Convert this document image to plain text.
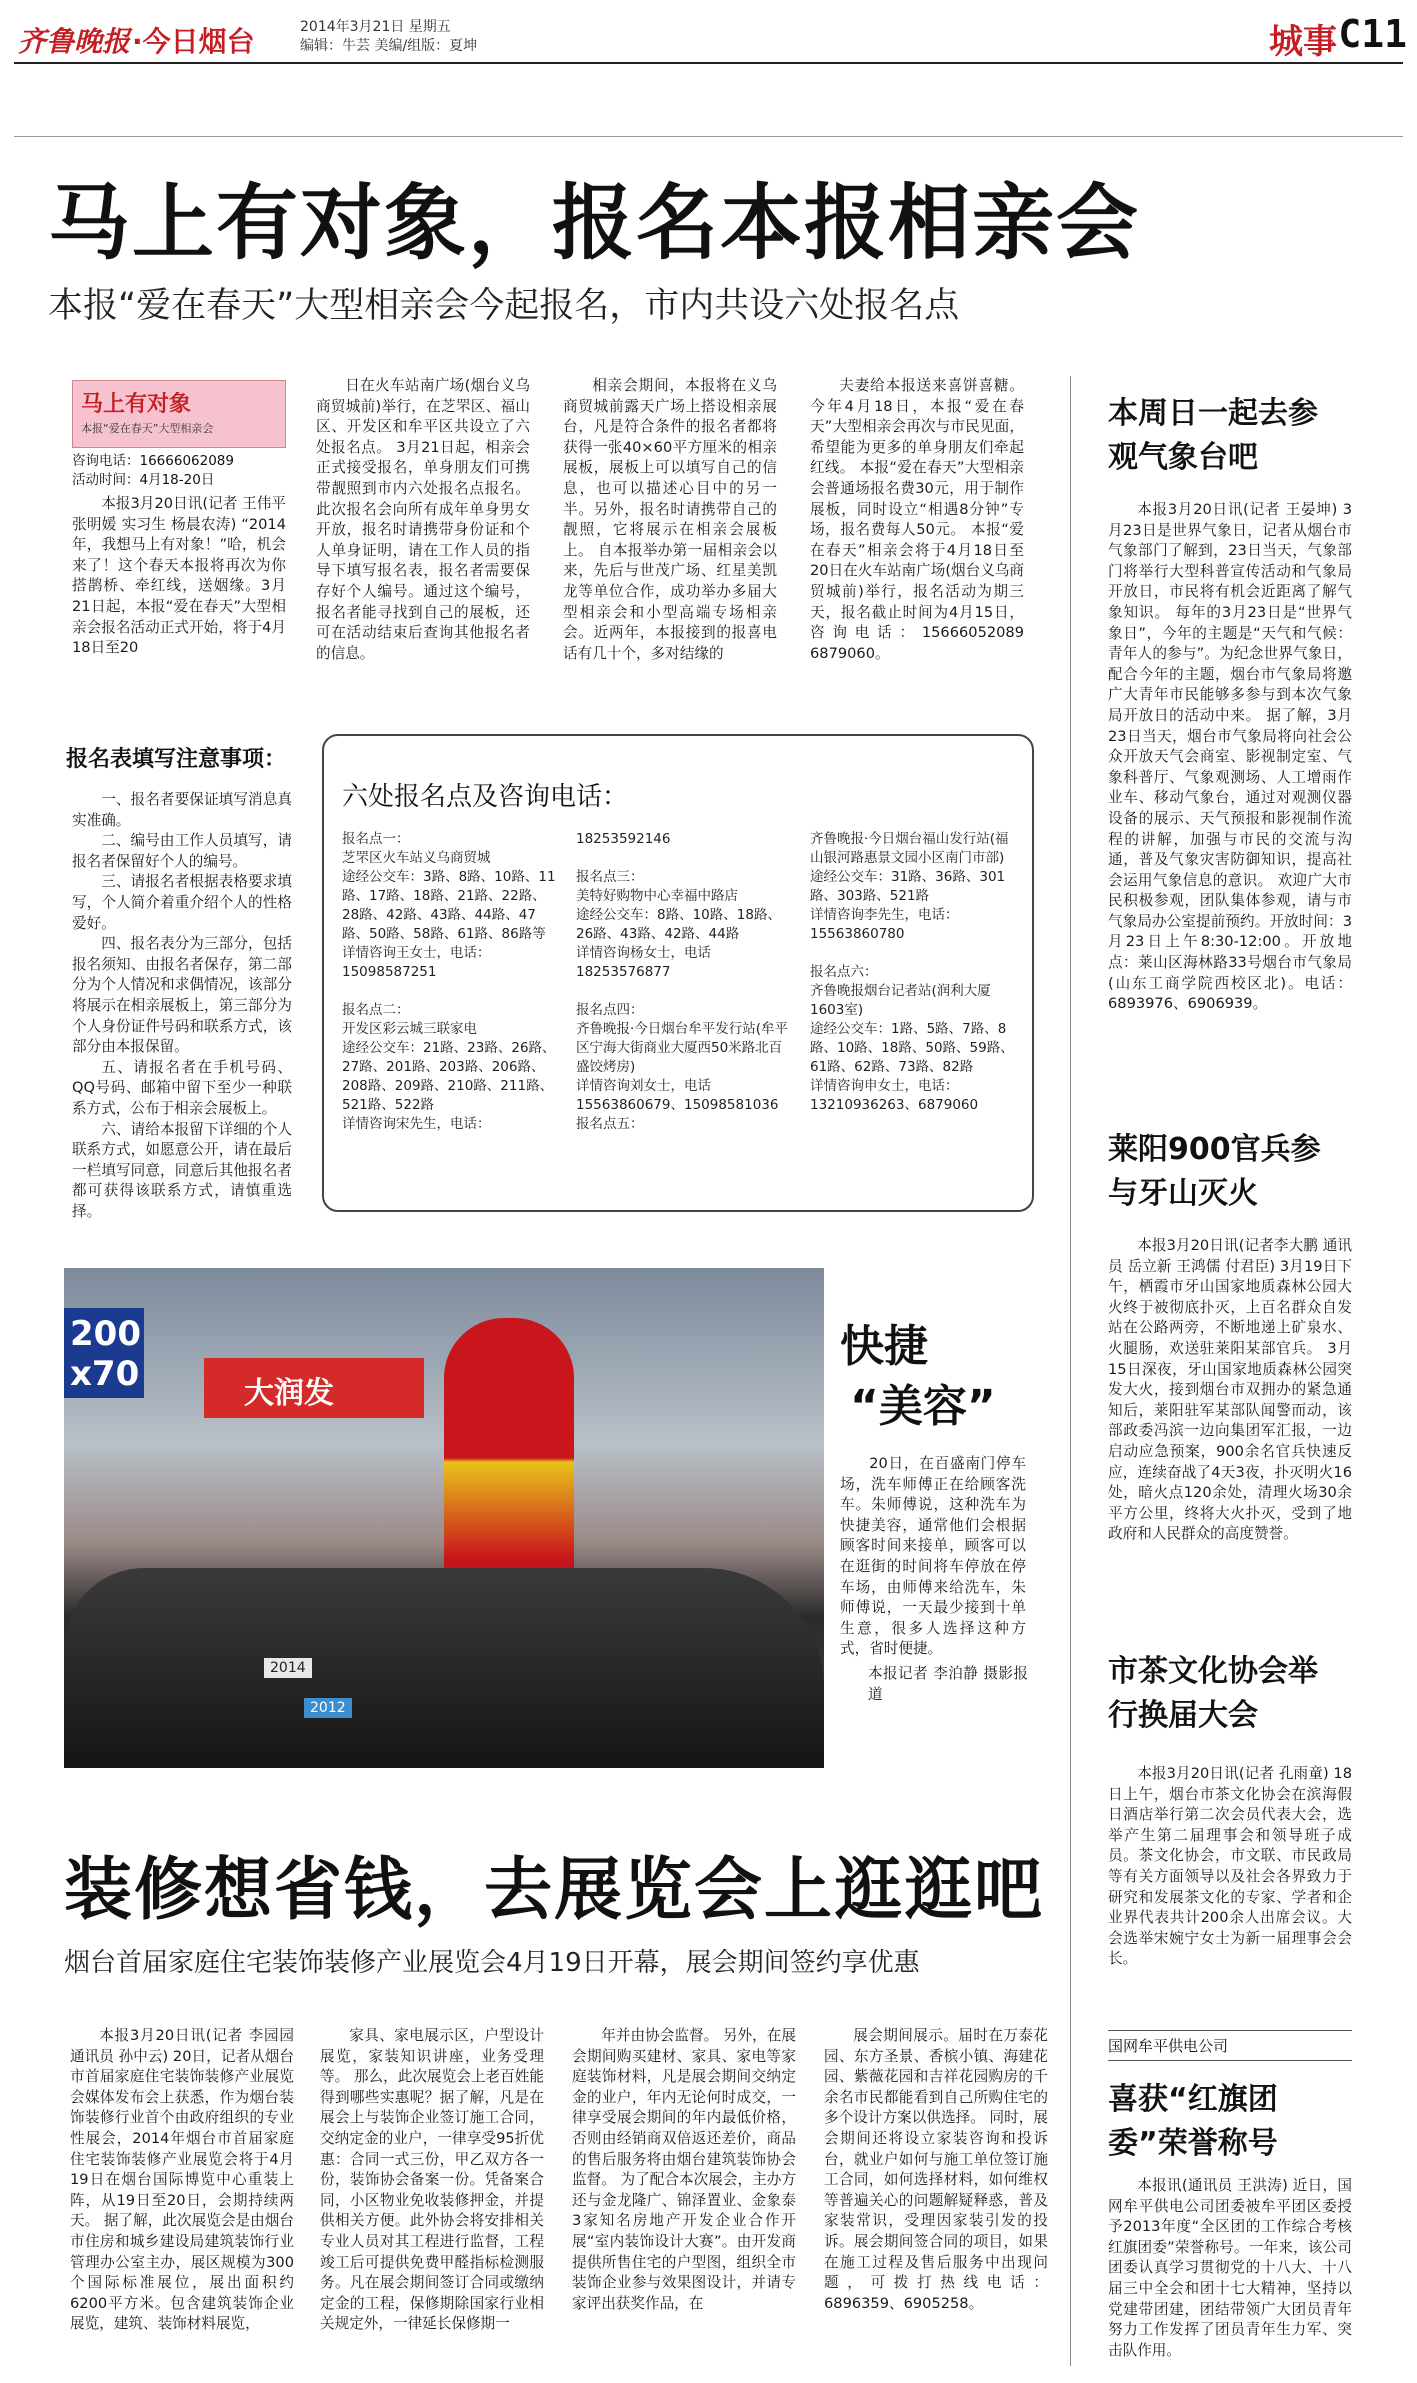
齐鲁晚报 ·今日烟台	2014年3月21日 星期五
编辑：牛芸 美编/组版：夏坤	城事 C11
马上有对象，报名本报相亲会
本报“爱在春天”大型相亲会今起报名，市内共设六处报名点
马上有对象
本报“爱在春天”大型相亲会
咨询电话：16666062089
活动时间：4月18-20日
本报3月20日讯(记者 王伟平 张明媛 实习生 杨晨农涛) “2014年，我想马上有对象！”哈，机会来了！这个春天本报将再次为你搭鹊桥、牵红线，送姻缘。3月21日起，本报“爱在春天”大型相亲会报名活动正式开始，将于4月18日至20
日在火车站南广场(烟台义乌商贸城前)举行，在芝罘区、福山区、开发区和牟平区共设立了六处报名点。 3月21日起，相亲会正式接受报名，单身朋友们可携带靓照到市内六处报名点报名。此次报名会向所有成年单身男女开放，报名时请携带身份证和个人单身证明，请在工作人员的指导下填写报名表，报名者需要保存好个人编号。通过这个编号，报名者能寻找到自己的展板，还可在活动结束后查询其他报名者的信息。
相亲会期间，本报将在义乌商贸城前露天广场上搭设相亲展台，凡是符合条件的报名者都将获得一张40×60平方厘米的相亲展板，展板上可以填写自己的信息，也可以描述心目中的另一半。另外，报名时请携带自己的靓照，它将展示在相亲会展板上。 自本报举办第一届相亲会以来，先后与世茂广场、红星美凯龙等单位合作，成功举办多届大型相亲会和小型高端专场相亲会。近两年，本报接到的报喜电话有几十个，多对结缘的
夫妻给本报送来喜饼喜糖。今年4月18日，本报“爱在春天”大型相亲会再次与市民见面，希望能为更多的单身朋友们牵起红线。 本报“爱在春天”大型相亲会普通场报名费30元，用于制作展板，同时设立“相遇8分钟”专场，报名费每人50元。 本报“爱在春天”相亲会将于4月18日至20日在火车站南广场(烟台义乌商贸城前)举行，报名活动为期三天，报名截止时间为4月15日，咨询电话：15666052089 6879060。
报名表填写注意事项：

一、报名者要保证填写消息真实准确。

二、编号由工作人员填写，请报名者保留好个人的编号。

三、请报名者根据表格要求填写，个人简介着重介绍个人的性格爱好。

四、报名表分为三部分，包括报名须知、由报名者保存，第二部分为个人情况和求偶情况，该部分将展示在相亲展板上，第三部分为个人身份证件号码和联系方式，该部分由本报保留。

五、请报名者在手机号码、QQ号码、邮箱中留下至少一种联系方式，公布于相亲会展板上。

六、请给本报留下详细的个人联系方式，如愿意公开，请在最后一栏填写同意，同意后其他报名者都可获得该联系方式，请慎重选择。

六处报名点及咨询电话：
报名点一：
芝罘区火车站义乌商贸城
途经公交车：3路、8路、10路、11路、17路、18路、21路、22路、28路、42路、43路、44路、47路、50路、58路、61路、86路等
详情咨询王女士，电话：15098587251

报名点二：
开发区彩云城三联家电
途经公交车：21路、23路、26路、27路、201路、203路、206路、208路、209路、210路、211路、521路、522路
详情咨询宋先生，电话：
18253592146

报名点三：
美特好购物中心幸福中路店
途经公交车：8路、10路、18路、26路、43路、42路、44路
详情咨询杨女士，电话18253576877

报名点四：
齐鲁晚报·今日烟台牟平发行站(牟平区宁海大街商业大厦西50米路北百盛饺烤房)
详情咨询刘女士，电话15563860679、15098581036
报名点五：
齐鲁晚报·今日烟台福山发行站(福山银河路惠景文园小区南门市部)
途经公交车：31路、36路、301路、303路、521路
详情咨询李先生，电话：15563860780

报名点六：
齐鲁晚报烟台记者站(润利大厦1603室)
途经公交车：1路、5路、7路、8路、10路、18路、50路、59路、61路、62路、73路、82路
详情咨询申女士，电话：13210936263、6879060
200
x70	大润发
2014
2012
快捷
“美容”
20日，在百盛南门停车场，洗车师傅正在给顾客洗车。朱师傅说，这种洗车为快捷美容，通常他们会根据顾客时间来接单，顾客可以在逛街的时间将车停放在停车场，由师傅来给洗车，朱师傅说，一天最少接到十单生意，很多人选择这种方式，省时便捷。
本报记者 李泊静 摄影报道
装修想省钱，去展览会上逛逛吧
烟台首届家庭住宅装饰装修产业展览会4月19日开幕，展会期间签约享优惠
本报3月20日讯(记者 李园园 通讯员 孙中云) 20日，记者从烟台市首届家庭住宅装饰装修产业展览会媒体发布会上获悉，作为烟台装饰装修行业首个由政府组织的专业性展会，2014年烟台市首届家庭住宅装饰装修产业展览会将于4月19日在烟台国际博览中心重装上阵，从19日至20日，会期持续两天。 据了解，此次展览会是由烟台市住房和城乡建设局建筑装饰行业管理办公室主办，展区规模为300个国际标准展位，展出面积约6200平方米。包含建筑装饰企业展览，建筑、装饰材料展览，
家具、家电展示区，户型设计展览，家装知识讲座，业务受理等。 那么，此次展览会上老百姓能得到哪些实惠呢？据了解，凡是在展会上与装饰企业签订施工合同，交纳定金的业户，一律享受95折优惠：合同一式三份，甲乙双方各一份，装饰协会备案一份。凭备案合同，小区物业免收装修押金，并提供相关方便。此外协会将安排相关专业人员对其工程进行监督，工程竣工后可提供免费甲醛指标检测服务。凡在展会期间签订合同或缴纳定金的工程，保修期除国家行业相关规定外，一律延长保修期一
年并由协会监督。 另外，在展会期间购买建材、家具、家电等家庭装饰材料，凡是展会期间交纳定金的业户，年内无论何时成交，一律享受展会期间的年内最低价格，否则由经销商双倍返还差价，商品的售后服务将由烟台建筑装饰协会监督。 为了配合本次展会，主办方还与金龙隆广、锦泽置业、金象泰3家知名房地产开发企业合作开展“室内装饰设计大赛”。由开发商提供所售住宅的户型图，组织全市装饰企业参与效果图设计，并请专家评出获奖作品，在
展会期间展示。届时在万泰花园、东方圣景、香槟小镇、海建花园、紫薇花园和吉祥花园购房的千余名市民都能看到自己所购住宅的多个设计方案以供选择。 同时，展会期间还将设立家装咨询和投诉台，就业户如何与施工单位签订施工合同，如何选择材料，如何维权等普遍关心的问题解疑释惑，普及家装常识，受理因家装引发的投诉。展会期间签合同的项目，如果在施工过程及售后服务中出现问题，可拨打热线电话：6896359、6905258。
本周日一起去参观气象台吧
本报3月20日讯(记者 王晏坤) 3月23日是世界气象日，记者从烟台市气象部门了解到，23日当天，气象部门将举行大型科普宣传活动和气象局开放日，市民将有机会近距离了解气象知识。 每年的3月23日是“世界气象日”，今年的主题是“天气和气候：青年人的参与”。为纪念世界气象日，配合今年的主题，烟台市气象局将邀广大青年市民能够多参与到本次气象局开放日的活动中来。 据了解，3月23日当天，烟台市气象局将向社会公众开放天气会商室、影视制定室、气象科普厅、气象观测场、人工增雨作业车、移动气象台，通过对观测仪器设备的展示、天气预报和影视制作流程的讲解，加强与市民的交流与沟通，普及气象灾害防御知识，提高社会运用气象信息的意识。 欢迎广大市民积极参观，团队集体参观，请与市气象局办公室提前预约。开放时间：3月23日上午8:30-12:00。开放地点：莱山区海林路33号烟台市气象局(山东工商学院西校区北)。电话：6893976、6906939。
莱阳900官兵参与牙山灭火
本报3月20日讯(记者李大鹏 通讯员 岳立新 王鸿儒 付君臣) 3月19日下午，栖霞市牙山国家地质森林公园大火终于被彻底扑灭，上百名群众自发站在公路两旁，不断地递上矿泉水、火腿肠，欢送驻莱阳某部官兵。 3月15日深夜，牙山国家地质森林公园突发大火，接到烟台市双拥办的紧急通知后，莱阳驻军某部队闻警而动，该部政委冯滨一边向集团军汇报，一边启动应急预案，900余名官兵快速反应，连续奋战了4天3夜，扑灭明火16处，暗火点120余处，清理火场30余平方公里，终将大火扑灭，受到了地政府和人民群众的高度赞誉。
市茶文化协会举行换届大会
本报3月20日讯(记者 孔雨童) 18日上午，烟台市茶文化协会在滨海假日酒店举行第二次会员代表大会，选举产生第二届理事会和领导班子成员。茶文化协会，市文联、市民政局等有关方面领导以及社会各界致力于研究和发展茶文化的专家、学者和企业界代表共计200余人出席会议。大会选举宋婉宁女士为新一届理事会会长。
国网牟平供电公司
喜获“红旗团委”荣誉称号
本报讯(通讯员 王洪涛) 近日，国网牟平供电公司团委被牟平团区委授予2013年度“全区团的工作综合考核红旗团委”荣誉称号。一年来，该公司团委认真学习贯彻党的十八大、十八届三中全会和团十七大精神，坚持以党建带团建，团结带领广大团员青年努力工作发挥了团员青年生力军、突击队作用。
